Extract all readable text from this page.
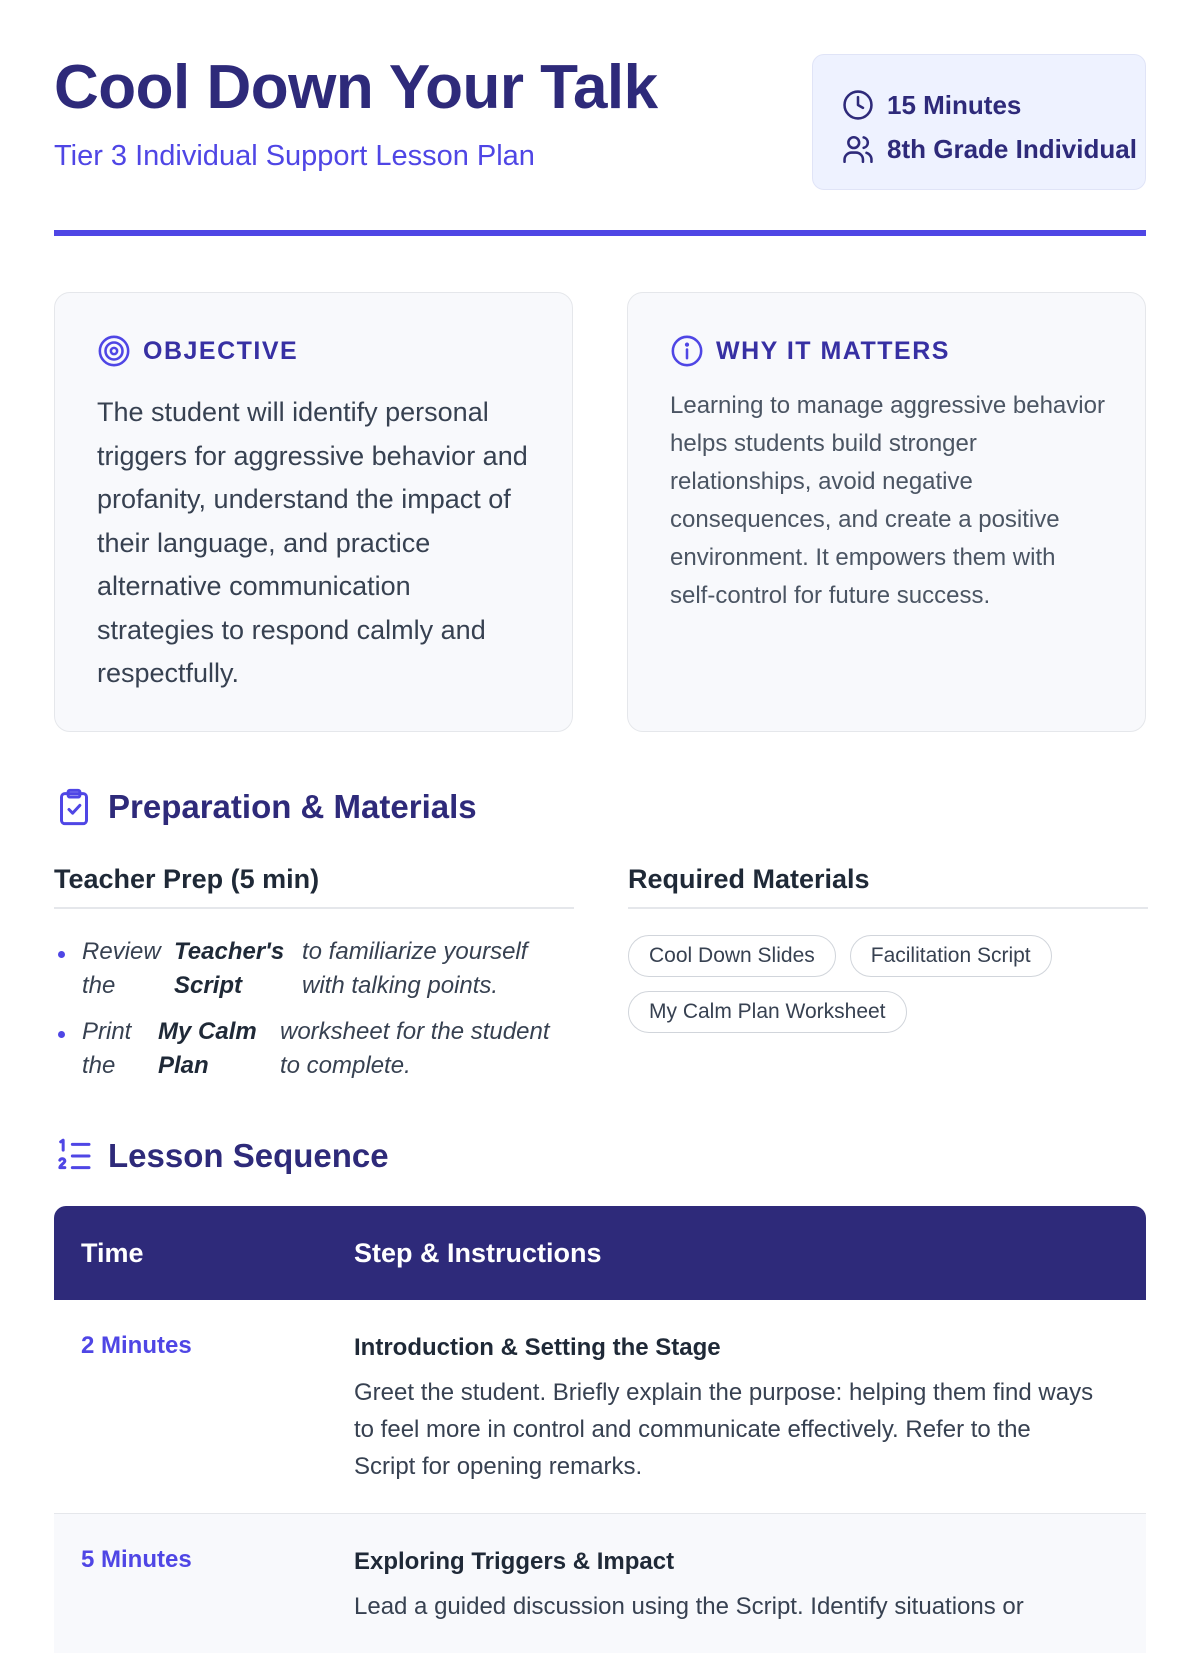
Cool Down Your Talk
Tier 3 Individual Support Lesson Plan
15 Minutes
8th Grade Individual
OBJECTIVE

The student will identify personal triggers for aggressive behavior and profanity, understand the impact of their language, and practice alternative communication strategies to respond calmly and respectfully.

WHY IT MATTERS

Learning to manage aggressive behavior helps students build stronger relationships, avoid negative consequences, and create a positive environment. It empowers them with self-control for future success.

Preparation & Materials
Teacher Prep (5 min)
Review the
Teacher's Script
to familiarize yourself with talking points.
Print the
My Calm Plan
worksheet for the student to complete.
Required Materials
Cool Down Slides	Facilitation Script
My Calm Plan Worksheet
Lesson Sequence
Time	Step & Instructions
2 Minutes	Introduction & Setting the Stage
Greet the student. Briefly explain the purpose: helping them find ways to feel more in control and communicate effectively. Refer to the Script for opening remarks.
5 Minutes	Exploring Triggers & Impact
Lead a guided discussion using the Script. Identify situations or
